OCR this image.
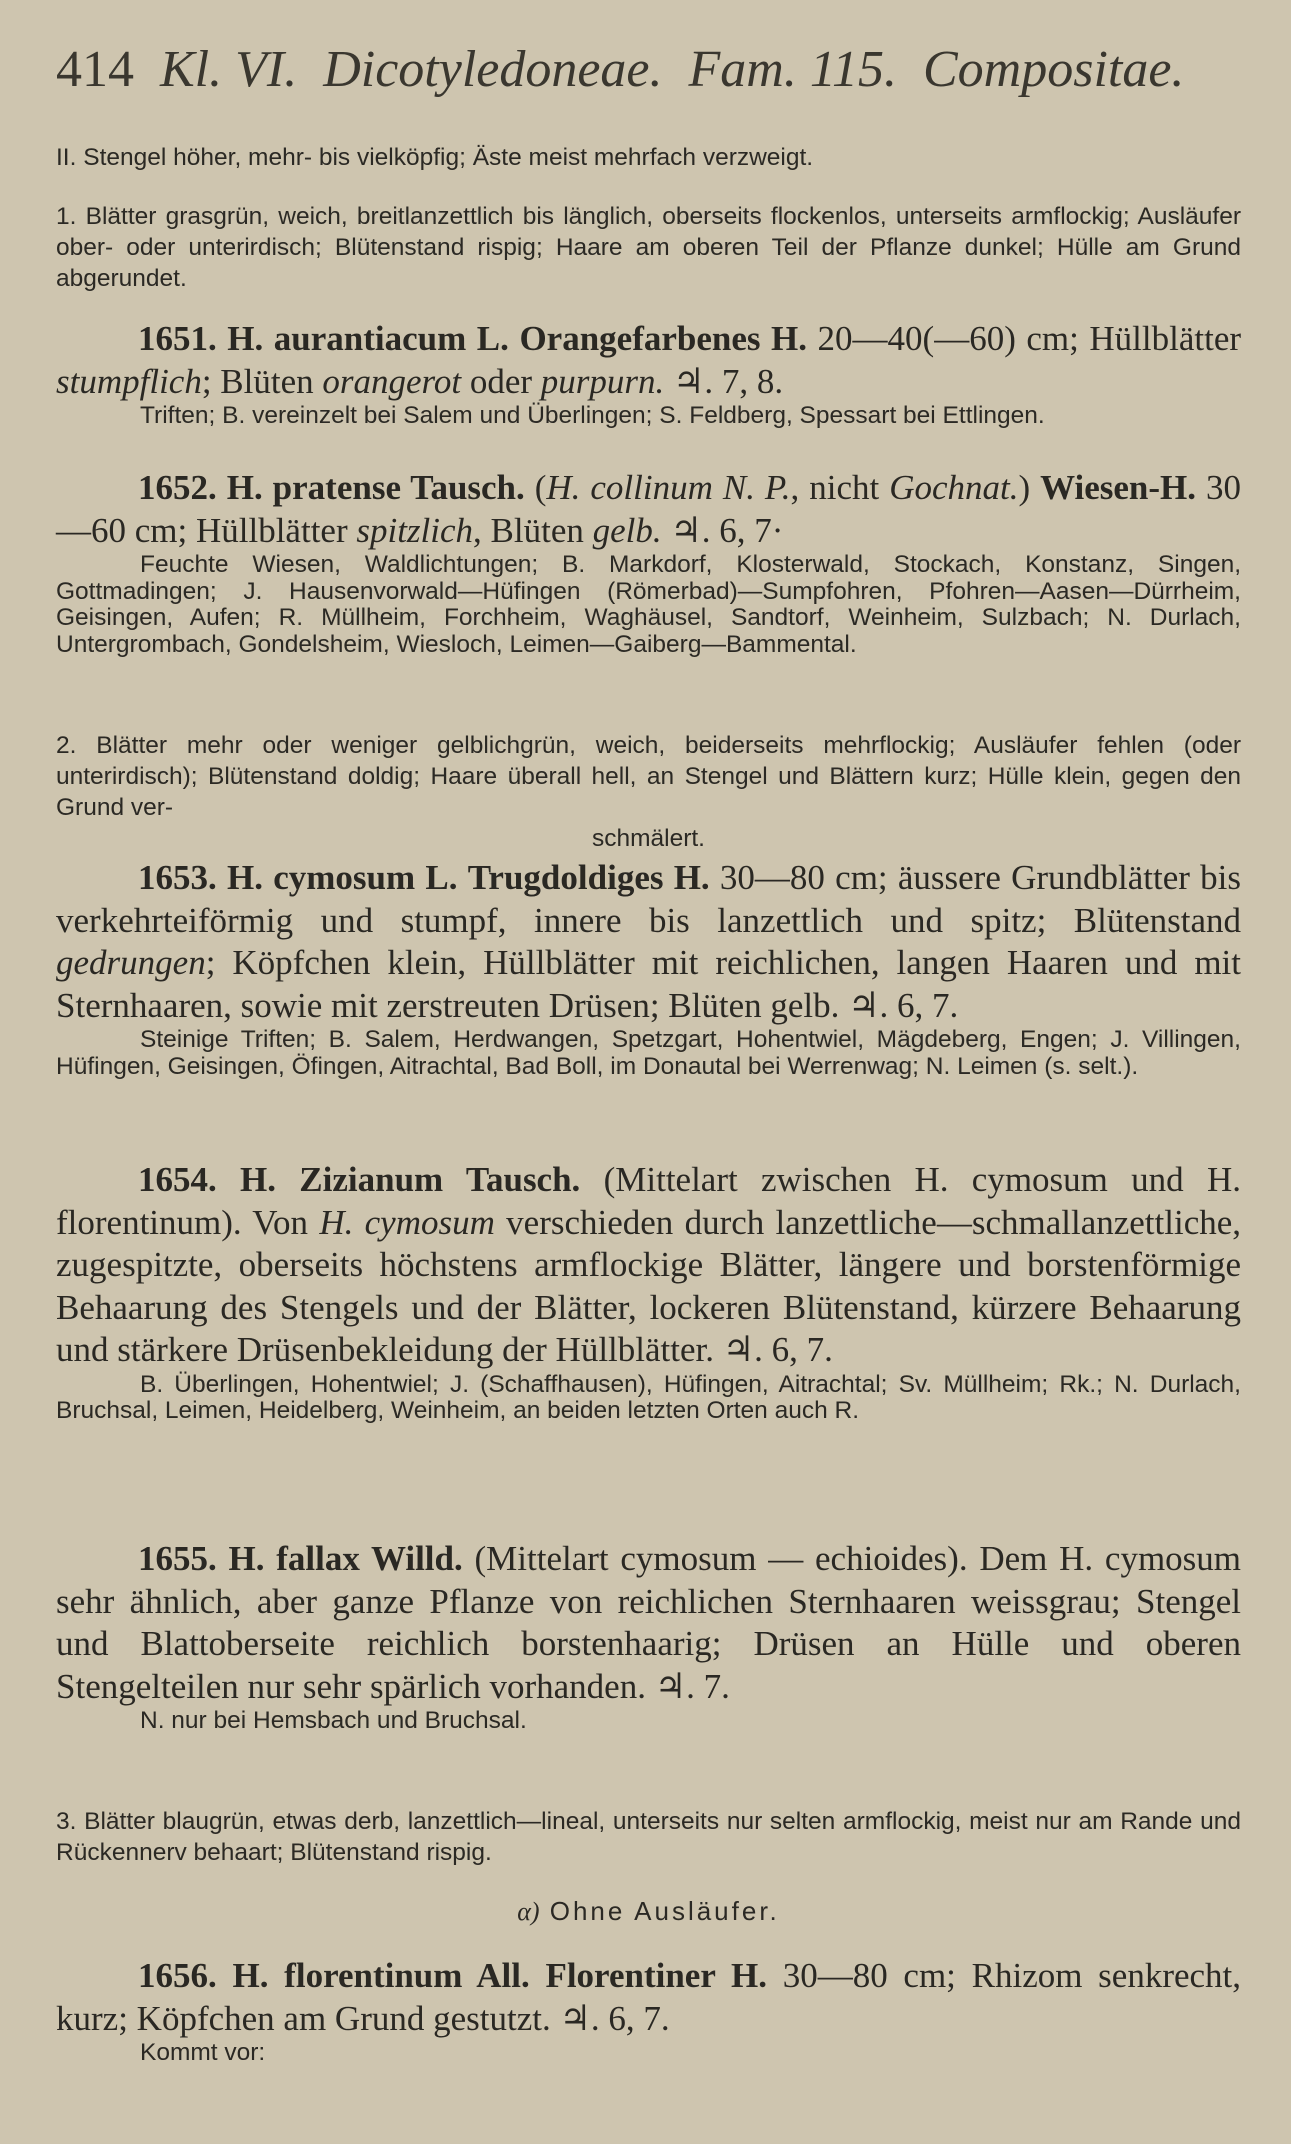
414 Kl. VI. Dicotyledoneae. Fam. 115. Compositae.
II. Stengel höher, mehr- bis vielköpfig; Äste meist mehrfach verzweigt.
1. Blätter grasgrün, weich, breitlanzettlich bis länglich, oberseits flockenlos, unterseits armflockig; Ausläufer ober- oder unterirdisch; Blütenstand rispig; Haare am oberen Teil der Pflanze dunkel; Hülle am Grund abgerundet.
1651. H. aurantiacum L. Orangefarbenes H. 20—40(—60) cm; Hüllblätter stumpflich; Blüten orangerot oder purpurn. ♃. 7, 8.
Triften; B. vereinzelt bei Salem und Überlingen; S. Feldberg, Spessart bei Ettlingen.
1652. H. pratense Tausch. (H. collinum N. P., nicht Gochnat.) Wiesen-H. 30—60 cm; Hüllblätter spitzlich, Blüten gelb. ♃. 6, 7·
Feuchte Wiesen, Waldlichtungen; B. Markdorf, Klosterwald, Stockach, Konstanz, Singen, Gottmadingen; J. Hausenvorwald—Hüfingen (Römerbad)—Sumpfohren, Pfohren—Aasen—Dürrheim, Geisingen, Aufen; R. Müllheim, Forchheim, Waghäusel, Sandtorf, Weinheim, Sulzbach; N. Durlach, Untergrombach, Gondelsheim, Wiesloch, Leimen—Gaiberg—Bammental.
2. Blätter mehr oder weniger gelblichgrün, weich, beiderseits mehrflockig; Ausläufer fehlen (oder unterirdisch); Blütenstand doldig; Haare überall hell, an Stengel und Blättern kurz; Hülle klein, gegen den Grund ver-
schmälert.
1653. H. cymosum L. Trugdoldiges H. 30—80 cm; äussere Grundblätter bis verkehrteiförmig und stumpf, innere bis lanzettlich und spitz; Blütenstand gedrungen; Köpfchen klein, Hüllblätter mit reichlichen, langen Haaren und mit Sternhaaren, sowie mit zerstreuten Drüsen; Blüten gelb. ♃. 6, 7.
Steinige Triften; B. Salem, Herdwangen, Spetzgart, Hohentwiel, Mägdeberg, Engen; J. Villingen, Hüfingen, Geisingen, Öfingen, Aitrachtal, Bad Boll, im Donautal bei Werrenwag; N. Leimen (s. selt.).
1654. H. Zizianum Tausch. (Mittelart zwischen H. cymosum und H. florentinum). Von H. cymosum verschieden durch lanzettliche—schmallanzettliche, zugespitzte, oberseits höchstens armflockige Blätter, längere und borstenförmige Behaarung des Stengels und der Blätter, lockeren Blütenstand, kürzere Behaarung und stärkere Drüsenbekleidung der Hüllblätter. ♃. 6, 7.
B. Überlingen, Hohentwiel; J. (Schaffhausen), Hüfingen, Aitrachtal; Sv. Müllheim; Rk.; N. Durlach, Bruchsal, Leimen, Heidelberg, Weinheim, an beiden letzten Orten auch R.
1655. H. fallax Willd. (Mittelart cymosum — echioides). Dem H. cymosum sehr ähnlich, aber ganze Pflanze von reichlichen Sternhaaren weissgrau; Stengel und Blattoberseite reichlich borstenhaarig; Drüsen an Hülle und oberen Stengelteilen nur sehr spärlich vorhanden. ♃. 7.
N. nur bei Hemsbach und Bruchsal.
3. Blätter blaugrün, etwas derb, lanzettlich—lineal, unterseits nur selten armflockig, meist nur am Rande und Rückennerv behaart; Blütenstand rispig.
α) Ohne Ausläufer.
1656. H. florentinum All. Florentiner H. 30—80 cm; Rhizom senkrecht, kurz; Köpfchen am Grund gestutzt. ♃. 6, 7.
Kommt vor:
